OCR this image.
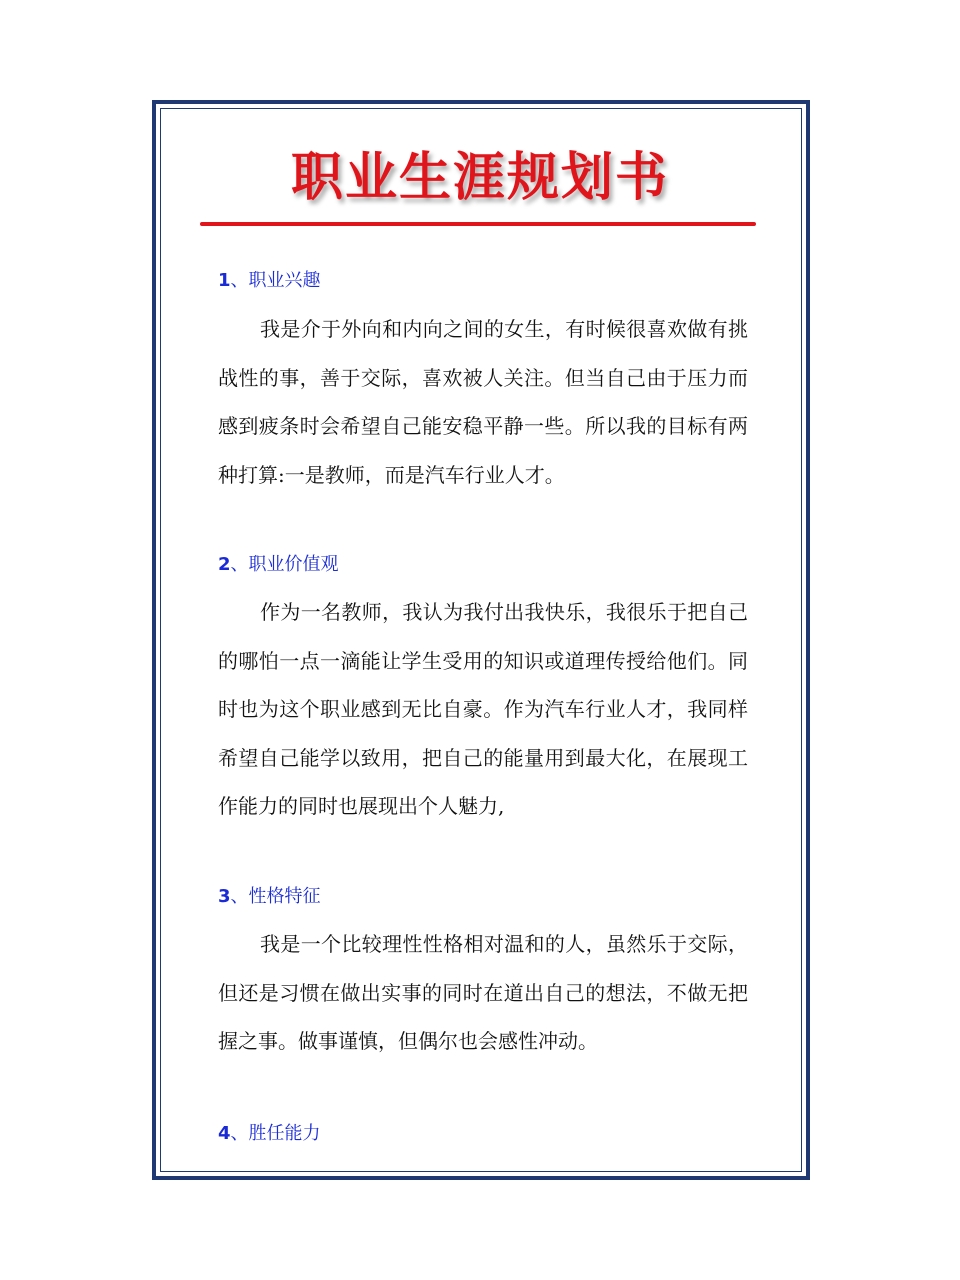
职业生涯规划书
1、职业兴趣

我是介于外向和内向之间的女生，有时候很喜欢做有挑战性的事，善于交际，喜欢被人关注。但当自己由于压力而感到疲条时会希望自己能安稳平静一些。所以我的目标有两种打算:一是教师，而是汽车行业人才。

2、职业价值观

作为一名教师，我认为我付出我快乐，我很乐于把自己的哪怕一点一滴能让学生受用的知识或道理传授给他们。同时也为这个职业感到无比自豪。作为汽车行业人才，我同样希望自己能学以致用，把自己的能量用到最大化，在展现工作能力的同时也展现出个人魅力,

3、性格特征

我是一个比较理性性格相对温和的人，虽然乐于交际，但还是习惯在做出实事的同时在道出自己的想法，不做无把握之事。做事谨慎，但偶尔也会感性冲动。

4、胜任能力
